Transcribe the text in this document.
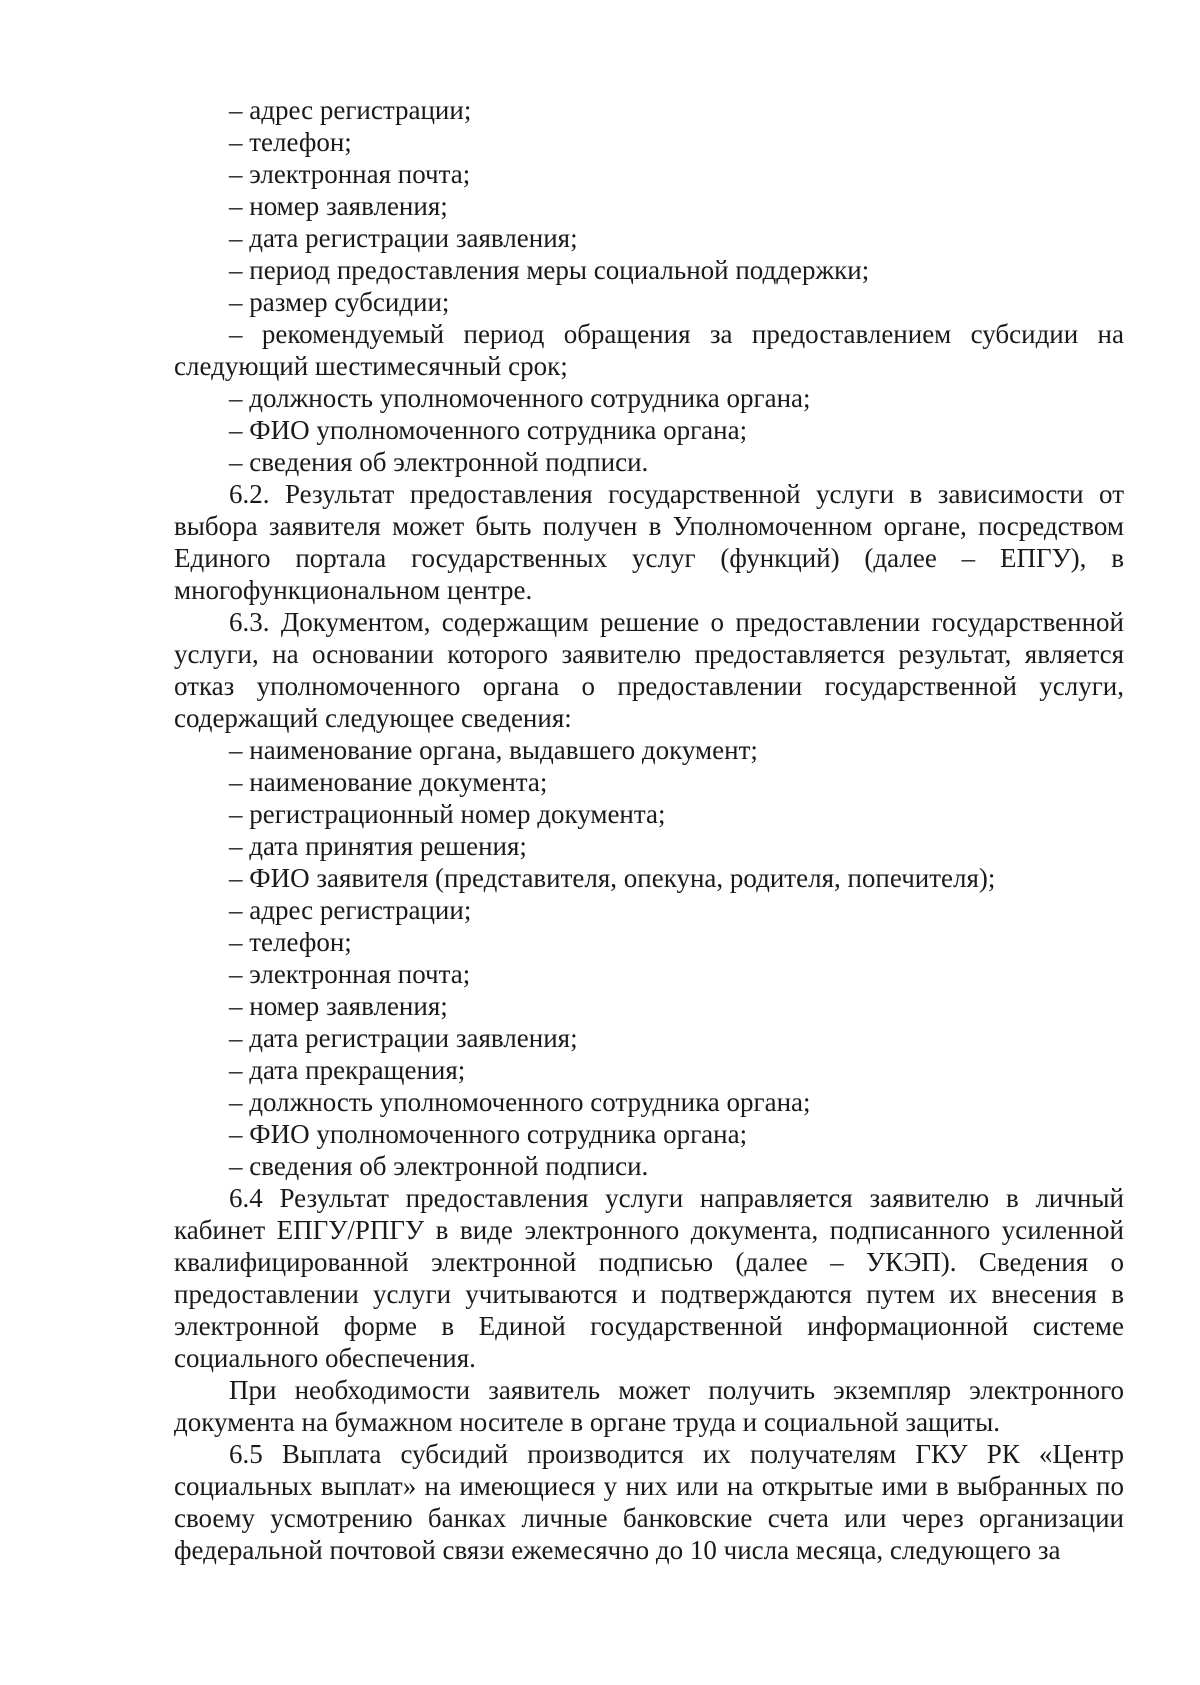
– адрес регистрации;
– телефон;
– электронная почта;
– номер заявления;
– дата регистрации заявления;
– период предоставления меры социальной поддержки;
– размер субсидии;

– рекомендуемый период обращения за предоставлением субсидии на следующий шестимесячный срок;

– должность уполномоченного сотрудника органа;
– ФИО уполномоченного сотрудника органа;
– сведения об электронной подписи.

6.2. Результат предоставления государственной услуги в зависимости от выбора заявителя может быть получен в Уполномоченном органе, посредством Единого портала государственных услуг (функций) (далее – ЕПГУ), в многофункциональном центре.

6.3. Документом, содержащим решение о предоставлении государственной услуги, на основании которого заявителю предоставляется результат, является отказ уполномоченного органа о предоставлении государственной услуги, содержащий следующее сведения:

– наименование органа, выдавшего документ;
– наименование документа;
– регистрационный номер документа;
– дата принятия решения;
– ФИО заявителя (представителя, опекуна, родителя, попечителя);
– адрес регистрации;
– телефон;
– электронная почта;
– номер заявления;
– дата регистрации заявления;
– дата прекращения;
– должность уполномоченного сотрудника органа;
– ФИО уполномоченного сотрудника органа;
– сведения об электронной подписи.

6.4 Результат предоставления услуги направляется заявителю в личный кабинет ЕПГУ/РПГУ в виде электронного документа, подписанного усиленной квалифицированной электронной подписью (далее – УКЭП). Сведения о предоставлении услуги учитываются и подтверждаются путем их внесения в электронной форме в Единой государственной информационной системе социального обеспечения.

При необходимости заявитель может получить экземпляр электронного документа на бумажном носителе в органе труда и социальной защиты.

6.5 Выплата субсидий производится их получателям ГКУ РК «Центр социальных выплат» на имеющиеся у них или на открытые ими в выбранных по своему усмотрению банках личные банковские счета или через организации федеральной почтовой связи ежемесячно до 10 числа месяца, следующего за
